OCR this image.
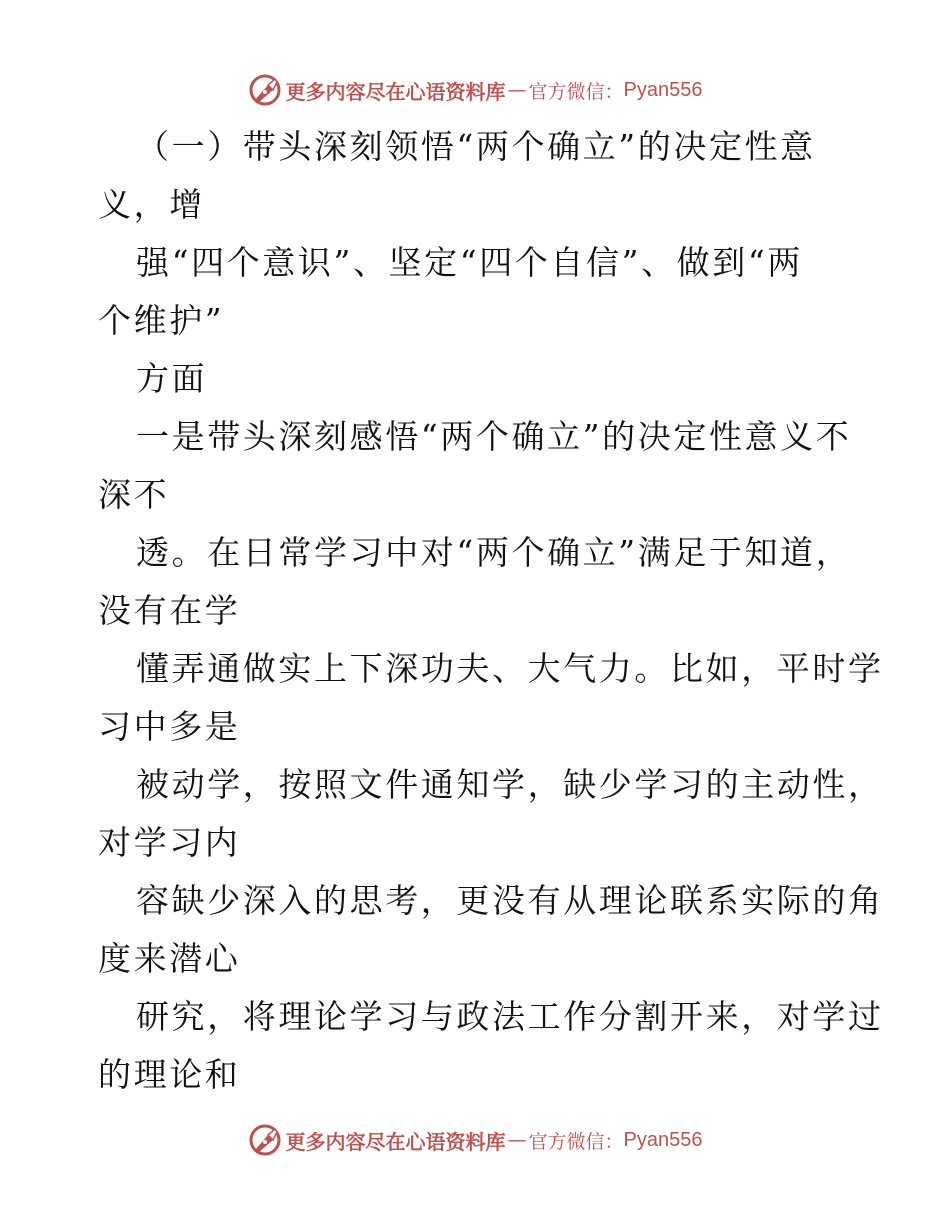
更多内容尽在心语资料库 — 官方微信： Pyan556
（一）带头深刻领悟“两个确立”的决定性意
义，增
强“四个意识”、坚定“四个自信”、做到“两
个维护”
方面
一是带头深刻感悟“两个确立”的决定性意义不
深不
透。在日常学习中对“两个确立”满足于知道，
没有在学
懂弄通做实上下深功夫、大气力。比如，平时学
习中多是
被动学，按照文件通知学，缺少学习的主动性，
对学习内
容缺少深入的思考，更没有从理论联系实际的角
度来潜心
研究，将理论学习与政法工作分割开来，对学过
的理论和
更多内容尽在心语资料库 — 官方微信： Pyan556
